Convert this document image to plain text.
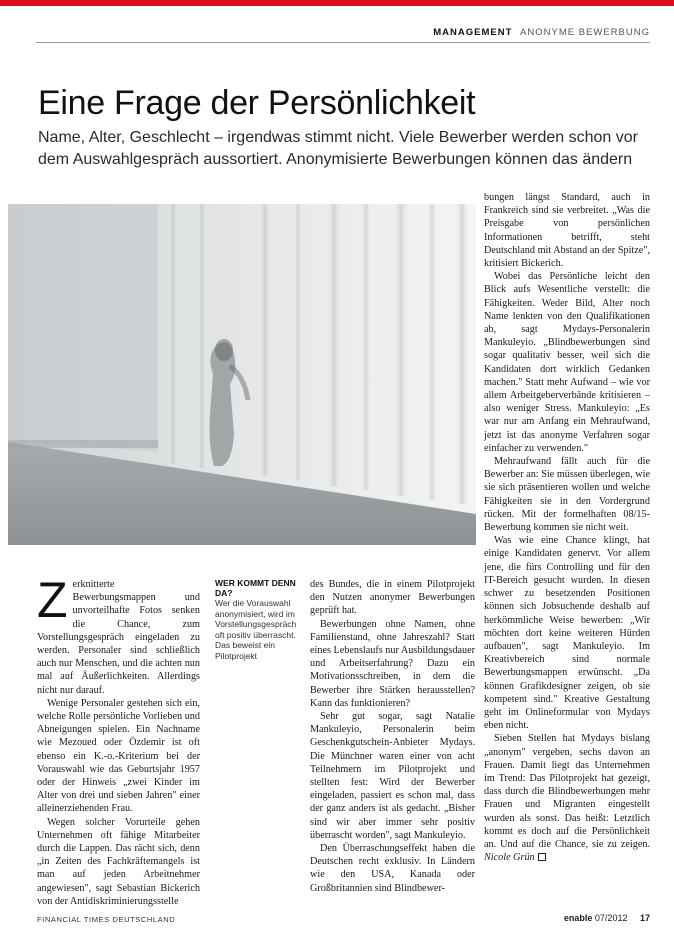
MANAGEMENT ANONYME BEWERBUNG
Eine Frage der Persönlichkeit

Name, Alter, Geschlecht – irgendwas stimmt nicht. Viele Bewerber werden schon vor dem Auswahlgespräch aussortiert. Anonymisierte Bewerbungen können das ändern

Zerknitterte Bewerbungsmappen und unvorteilhafte Fotos senken die Chance, zum Vorstellungsgespräch eingeladen zu werden. Personaler sind schließlich auch nur Menschen, und die achten nun mal auf Äußerlichkeiten. Allerdings nicht nur darauf.

Wenige Personaler gestehen sich ein, welche Rolle persönliche Vorlieben und Abneigungen spielen. Ein Nachname wie Mezoued oder Özdemir ist oft ebenso ein K.-o.-Kriterium bei der Vorauswahl wie das Geburtsjahr 1957 oder der Hinweis „zwei Kinder im Alter von drei und sieben Jahren" einer alleinerziehenden Frau.

Wegen solcher Vorurteile gehen Unternehmen oft fähige Mitarbeiter durch die Lappen. Das rächt sich, denn „in Zeiten des Fachkräftemangels ist man auf jeden Arbeitnehmer angewiesen", sagt Sebastian Bickerich von der Antidiskriminierungsstelle

WER KOMMT DENN DA?
Wer die Vorauswahl anonymisiert, wird im Vorstellungsgespräch oft positiv überrascht. Das beweist ein Pilotprojekt

des Bundes, die in einem Pilotprojekt den Nutzen anonymer Bewerbungen geprüft hat.

Bewerbungen ohne Namen, ohne Familienstand, ohne Jahreszahl? Statt eines Lebenslaufs nur Ausbildungsdauer und Arbeitserfahrung? Dazu ein Motivationsschreiben, in dem die Bewerber ihre Stärken herausstellen? Kann das funktionieren?

Sehr gut sogar, sagt Natalie Mankuleyio, Personalerin beim Geschenkgutschein-Anbieter Mydays. Die Münchner waren einer von acht Teilnehmern im Pilotprojekt und stellten fest: Wird der Bewerber eingeladen, passiert es schon mal, dass der ganz anders ist als gedacht. „Bisher sind wir aber immer sehr positiv überrascht worden", sagt Mankuleyio.

Den Überraschungseffekt haben die Deutschen recht exklusiv. In Ländern wie den USA, Kanada oder Großbritannien sind Blindbewer-

bungen längst Standard, auch in Frankreich sind sie verbreitet. „Was die Preisgabe von persönlichen Informationen betrifft, steht Deutschland mit Abstand an der Spitze", kritisiert Bickerich.

Wobei das Persönliche leicht den Blick aufs Wesentliche verstellt: die Fähigkeiten. Weder Bild, Alter noch Name lenkten von den Qualifikationen ab, sagt Mydays-Personalerin Mankuleyio. „Blindbewerbungen sind sogar qualitativ besser, weil sich die Kandidaten dort wirklich Gedanken machen." Statt mehr Aufwand – wie vor allem Arbeitgeberverbände kritisieren – also weniger Stress. Mankuleyio: „Es war nur am Anfang ein Mehraufwand, jetzt ist das anonyme Verfahren sogar einfacher zu verwenden."

Mehraufwand fällt auch für die Bewerber an: Sie müssen überlegen, wie sie sich präsentieren wollen und welche Fähigkeiten sie in den Vordergrund rücken. Mit der formelhaften 08/15-Bewerbung kommen sie nicht weit.

Was wie eine Chance klingt, hat einige Kandidaten genervt. Vor allem jene, die fürs Controlling und für den IT-Bereich gesucht wurden. In diesen schwer zu besetzenden Positionen können sich Jobsuchende deshalb auf herkömmliche Weise bewerben: „Wir möchten dort keine weiteren Hürden aufbauen", sagt Mankuleyio. Im Kreativbereich sind normale Bewerbungsmappen erwünscht. „Da können Grafikdesigner zeigen, ob sie kompetent sind." Kreative Gestaltung geht im Onlineformular von Mydays eben nicht.

Sieben Stellen hat Mydays bislang „anonym" vergeben, sechs davon an Frauen. Damit liegt das Unternehmen im Trend: Das Pilotprojekt hat gezeigt, dass durch die Blindbewerbungen mehr Frauen und Migranten eingestellt wurden als sonst. Das heißt: Letztlich kommt es doch auf die Persönlichkeit an. Und auf die Chance, sie zu zeigen. Nicole Grün

FINANCIAL TIMES DEUTSCHLAND	enable 07/2012 17
